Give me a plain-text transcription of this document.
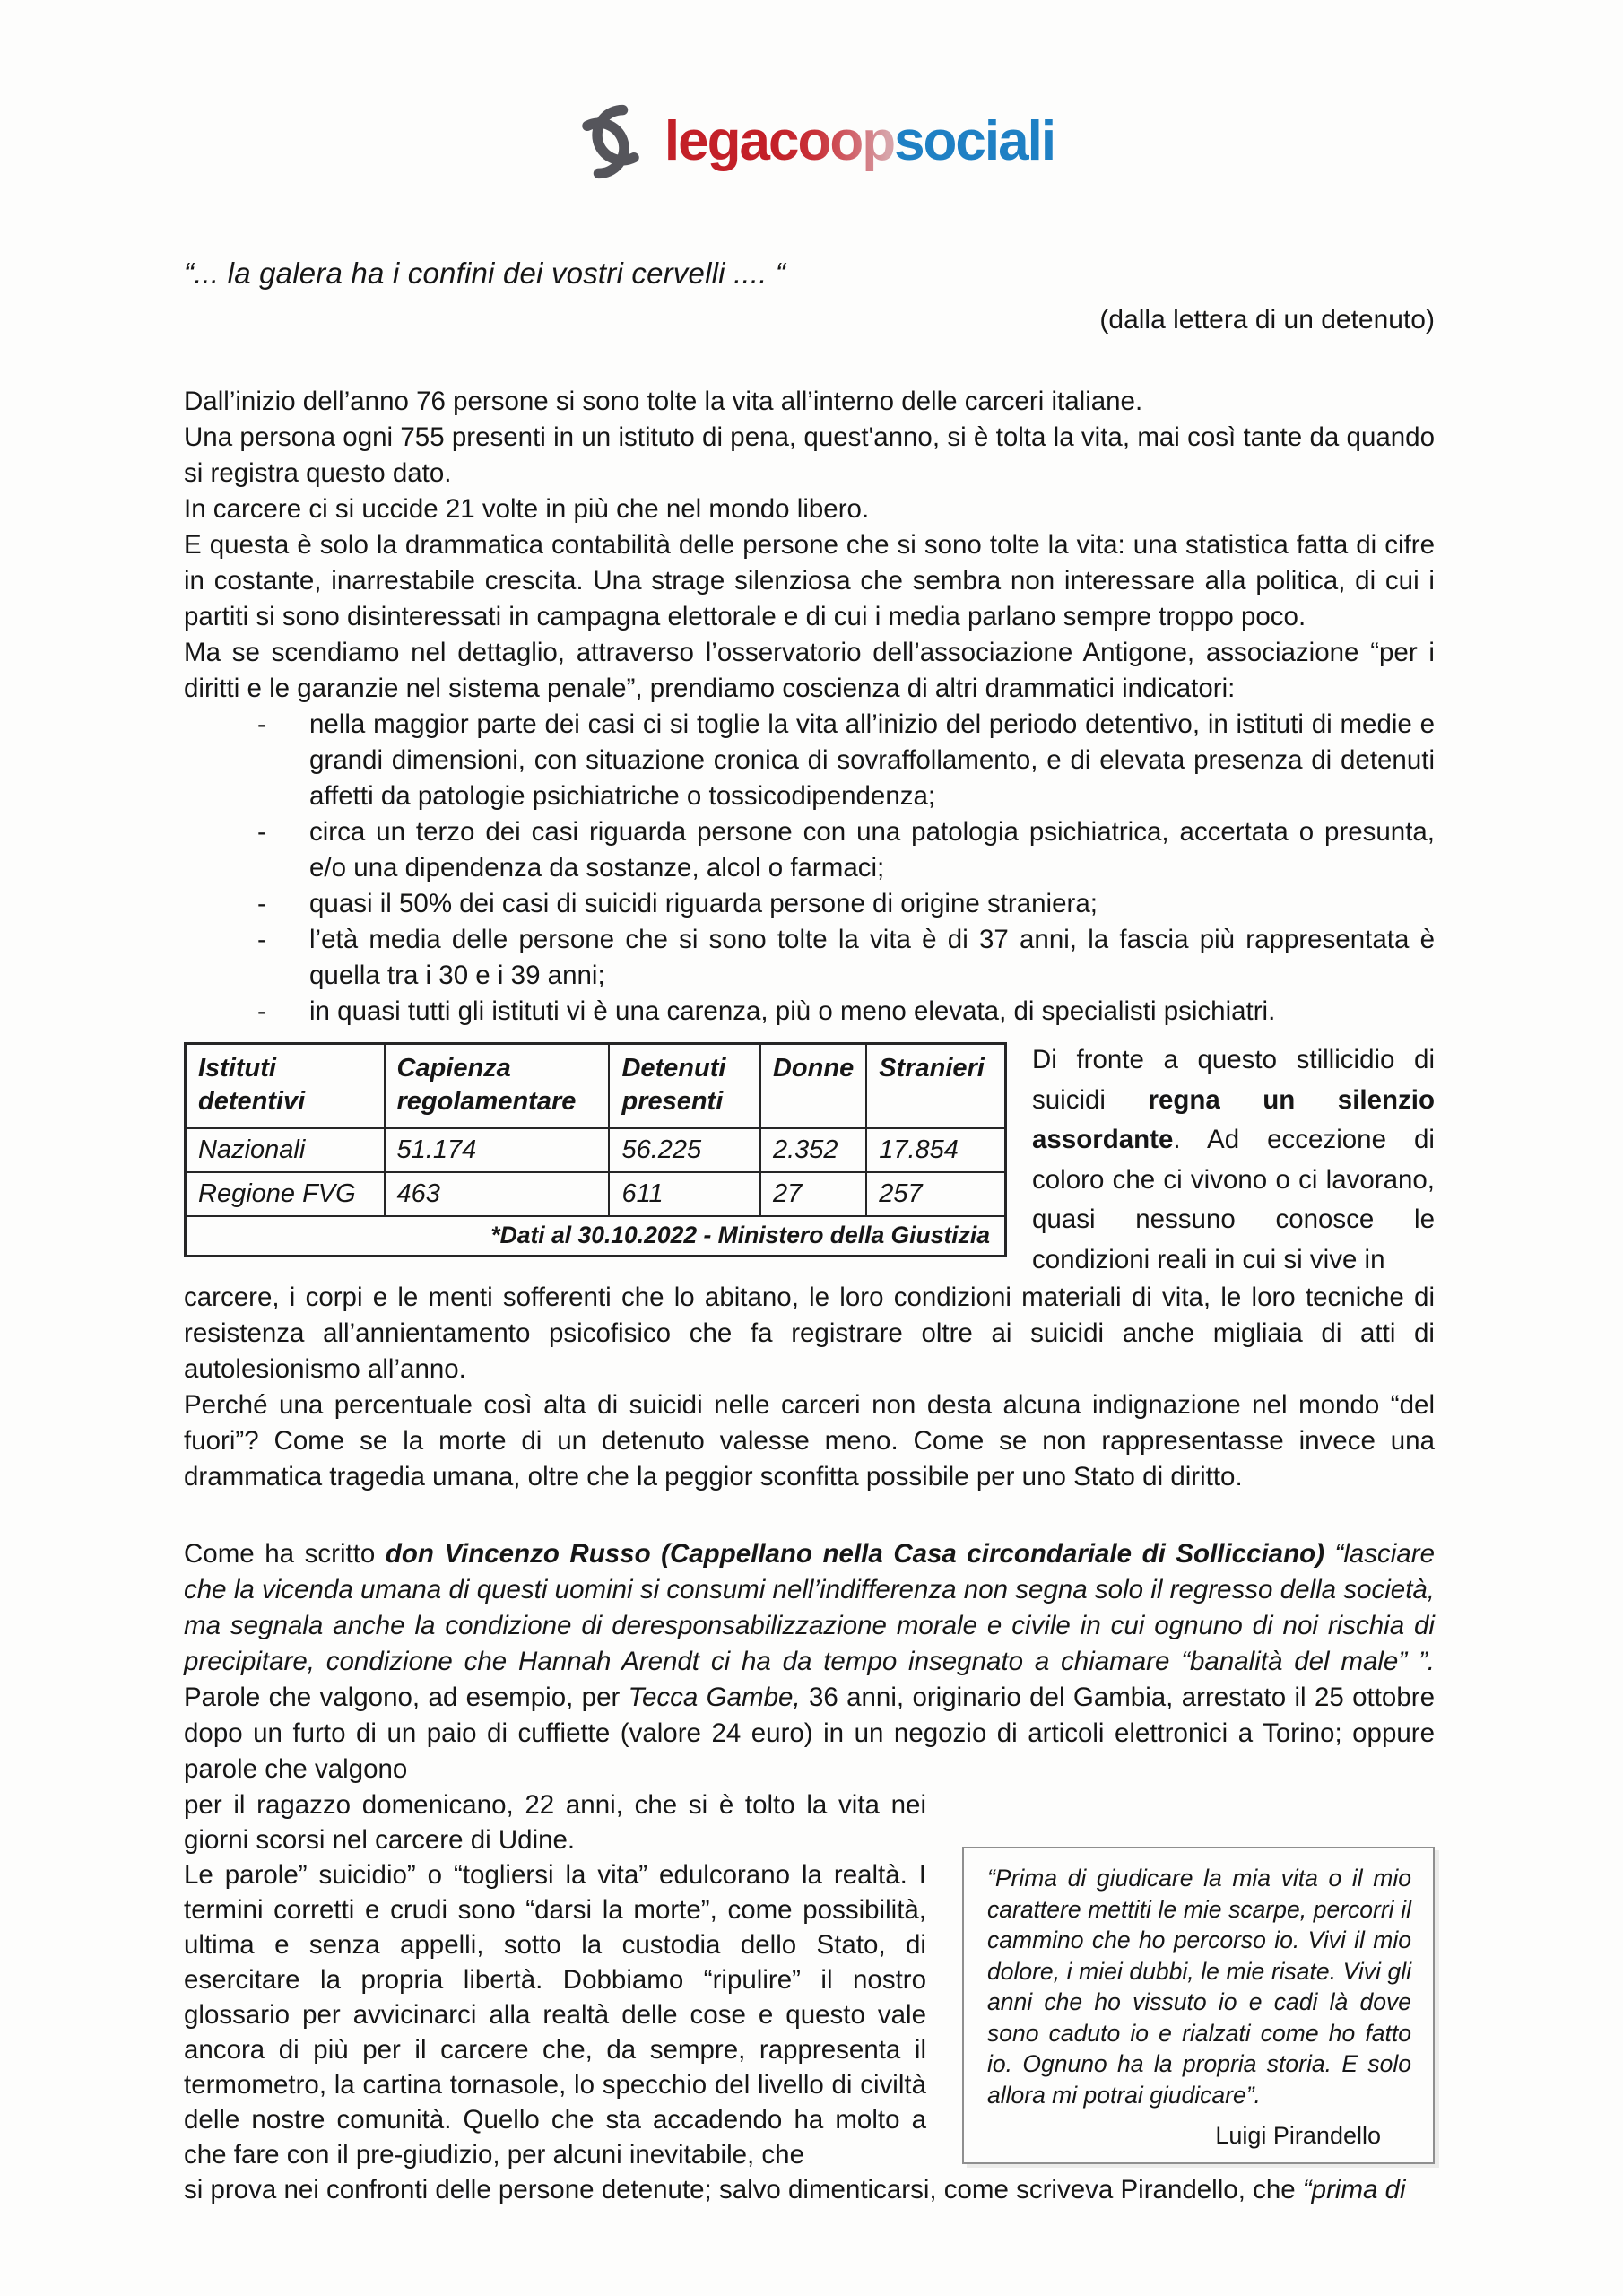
legacoopsociali
“... la galera ha i confini dei vostri cervelli .... “
(dalla lettera di un detenuto)

Dall’inizio dell’anno 76 persone si sono tolte la vita all’interno delle carceri italiane.

Una persona ogni 755 presenti in un istituto di pena, quest'anno, si è tolta la vita, mai così tante da quando si registra questo dato.

In carcere ci si uccide 21 volte in più che nel mondo libero.

E questa è solo la drammatica contabilità delle persone che si sono tolte la vita: una statistica fatta di cifre in costante, inarrestabile crescita. Una strage silenziosa che sembra non interessare alla politica, di cui i partiti si sono disinteressati in campagna elettorale e di cui i media parlano sempre troppo poco.

Ma se scendiamo nel dettaglio, attraverso l’osservatorio dell’associazione Antigone, associazione “per i diritti e le garanzie nel sistema penale”, prendiamo coscienza di altri drammatici indicatori:

- nella maggior parte dei casi ci si toglie la vita all’inizio del periodo detentivo, in istituti di medie e grandi dimensioni, con situazione cronica di sovraffollamento, e di elevata presenza di detenuti affetti da patologie psichiatriche o tossicodipendenza;
- circa un terzo dei casi riguarda persone con una patologia psichiatrica, accertata o presunta, e/o una dipendenza da sostanze, alcol o farmaci;
- quasi il 50% dei casi di suicidi riguarda persone di origine straniera;
- l’età media delle persone che si sono tolte la vita è di 37 anni, la fascia più rappresentata è quella tra i 30 e i 39 anni;
- in quasi tutti gli istituti vi è una carenza, più o meno elevata, di specialisti psichiatri.
Istituti detentivi	Capienza regolamentare	Detenuti presenti	Donne	Stranieri
Nazionali	51.174	56.225	2.352	17.854
Regione FVG	463	611	27	257
*Dati al 30.10.2022 - Ministero della Giustizia				
Di fronte a questo stillicidio di suicidi regna un silenzio assordante. Ad eccezione di coloro che ci vivono o ci lavorano, quasi nessuno conosce le condizioni reali in cui si vive in

carcere, i corpi e le menti sofferenti che lo abitano, le loro condizioni materiali di vita, le loro tecniche di resistenza all’annientamento psicofisico che fa registrare oltre ai suicidi anche migliaia di atti di autolesionismo all’anno.

Perché una percentuale così alta di suicidi nelle carceri non desta alcuna indignazione nel mondo “del fuori”? Come se la morte di un detenuto valesse meno. Come se non rappresentasse invece una drammatica tragedia umana, oltre che la peggior sconfitta possibile per uno Stato di diritto.

Come ha scritto don Vincenzo Russo (Cappellano nella Casa circondariale di Sollicciano) “lasciare che la vicenda umana di questi uomini si consumi nell’indifferenza non segna solo il regresso della società, ma segnala anche la condizione di deresponsabilizzazione morale e civile in cui ognuno di noi rischia di precipitare, condizione che Hannah Arendt ci ha da tempo insegnato a chiamare “banalità del male” ”. Parole che valgono, ad esempio, per Tecca Gambe, 36 anni, originario del Gambia, arrestato il 25 ottobre dopo un furto di un paio di cuffiette (valore 24 euro) in un negozio di articoli elettronici a Torino; oppure parole che valgono

per il ragazzo domenicano, 22 anni, che si è tolto la vita nei giorni scorsi nel carcere di Udine.

Le parole” suicidio” o “togliersi la vita” edulcorano la realtà. I termini corretti e crudi sono “darsi la morte”, come possibilità, ultima e senza appelli, sotto la custodia dello Stato, di esercitare la propria libertà. Dobbiamo “ripulire” il nostro glossario per avvicinarci alla realtà delle cose e questo vale ancora di più per il carcere che, da sempre, rappresenta il termometro, la cartina tornasole, lo specchio del livello di civiltà delle nostre comunità. Quello che sta accadendo ha molto a che fare con il pre-giudizio, per alcuni inevitabile, che

“Prima di giudicare la mia vita o il mio carattere mettiti le mie scarpe, percorri il cammino che ho percorso io. Vivi il mio dolore, i miei dubbi, le mie risate. Vivi gli anni che ho vissuto io e cadi là dove sono caduto io e rialzati come ho fatto io. Ognuno ha la propria storia. E solo allora mi potrai giudicare”.
Luigi Pirandello

si prova nei confronti delle persone detenute; salvo dimenticarsi, come scriveva Pirandello, che “prima di
